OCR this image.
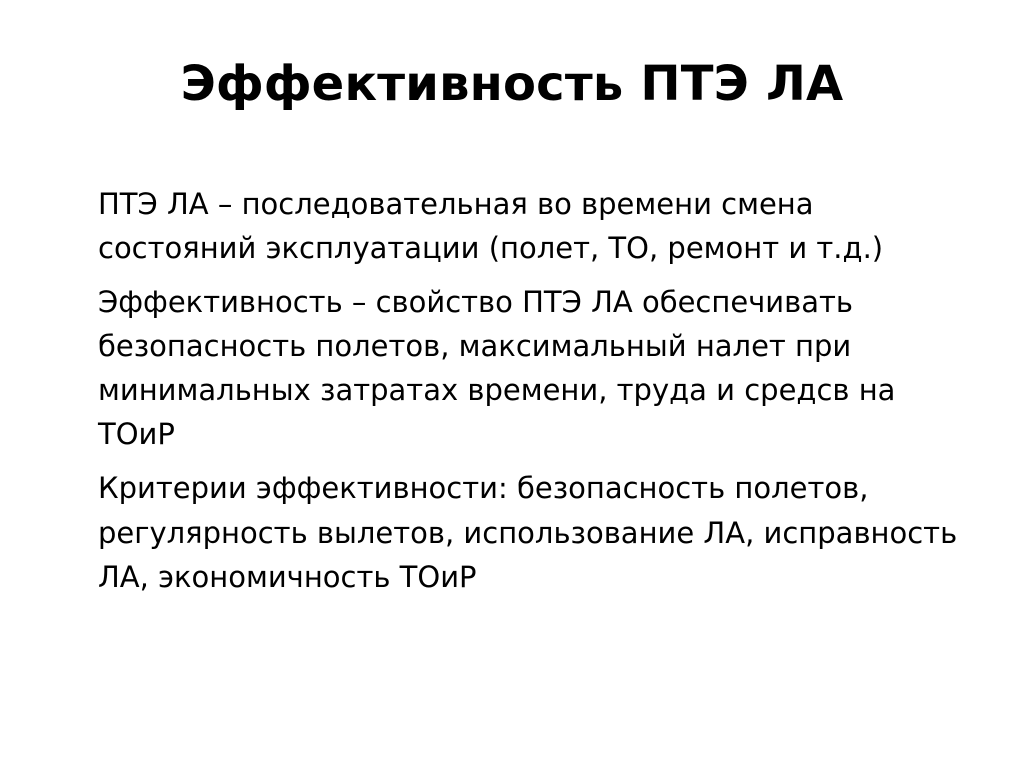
Эффективность ПТЭ ЛА

ПТЭ ЛА – последовательная во времени смена состояний эксплуатации (полет, ТО, ремонт и т.д.)

Эффективность – свойство ПТЭ ЛА обеспечивать безопасность полетов, максимальный налет при минимальных затратах времени, труда и средсв на ТОиР

Критерии эффективности: безопасность полетов, регулярность вылетов, использование ЛА, исправность ЛА, экономичность ТОиР
